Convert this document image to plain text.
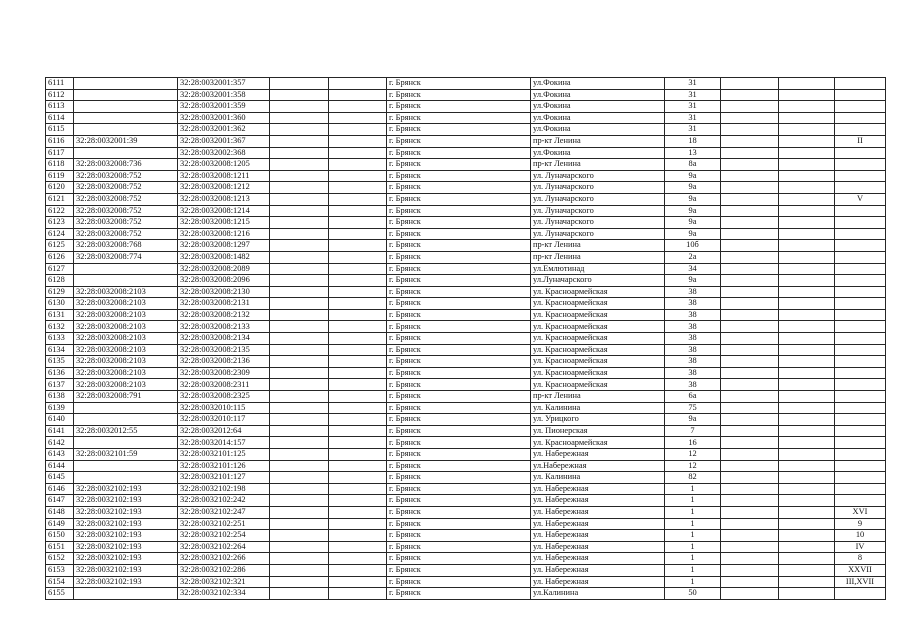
6111		32:28:0032001:357			г. Брянск	ул.Фокина	31			
6112		32:28:0032001:358			г. Брянск	ул.Фокина	31			
6113		32:28:0032001:359			г. Брянск	ул.Фокина	31			
6114		32:28:0032001:360			г. Брянск	ул.Фокина	31			
6115		32:28:0032001:362			г. Брянск	ул.Фокина	31			
6116	32:28:0032001:39	32:28:0032001:367			г. Брянск	пр-кт Ленина	18			II
6117		32:28:0032002:368			г. Брянск	ул.Фокина	13			
6118	32:28:0032008:736	32:28:0032008:1205			г. Брянск	пр-кт Ленина	8а			
6119	32:28:0032008:752	32:28:0032008:1211			г. Брянск	ул. Луначарского	9а			
6120	32:28:0032008:752	32:28:0032008:1212			г. Брянск	ул. Луначарского	9а			
6121	32:28:0032008:752	32:28:0032008:1213			г. Брянск	ул. Луначарского	9а			V
6122	32:28:0032008:752	32:28:0032008:1214			г. Брянск	ул. Луначарского	9а			
6123	32:28:0032008:752	32:28:0032008:1215			г. Брянск	ул. Луначарского	9а			
6124	32:28:0032008:752	32:28:0032008:1216			г. Брянск	ул. Луначарского	9а			
6125	32:28:0032008:768	32:28:0032008:1297			г. Брянск	пр-кт Ленина	10б			
6126	32:28:0032008:774	32:28:0032008:1482			г. Брянск	пр-кт Ленина	2а			
6127		32:28:0032008:2089			г. Брянск	ул.Емлютинад	34			
6128		32:28:0032008:2096			г. Брянск	ул.Луначарского	9а			
6129	32:28:0032008:2103	32:28:0032008:2130			г. Брянск	ул. Красноармейская	38			
6130	32:28:0032008:2103	32:28:0032008:2131			г. Брянск	ул. Красноармейская	38			
6131	32:28:0032008:2103	32:28:0032008:2132			г. Брянск	ул. Красноармейская	38			
6132	32:28:0032008:2103	32:28:0032008:2133			г. Брянск	ул. Красноармейская	38			
6133	32:28:0032008:2103	32:28:0032008:2134			г. Брянск	ул. Красноармейская	38			
6134	32:28:0032008:2103	32:28:0032008:2135			г. Брянск	ул. Красноармейская	38			
6135	32:28:0032008:2103	32:28:0032008:2136			г. Брянск	ул. Красноармейская	38			
6136	32:28:0032008:2103	32:28:0032008:2309			г. Брянск	ул. Красноармейская	38			
6137	32:28:0032008:2103	32:28:0032008:2311			г. Брянск	ул. Красноармейская	38			
6138	32:28:0032008:791	32:28:0032008:2325			г. Брянск	пр-кт Ленина	6а			
6139		32:28:0032010:115			г. Брянск	ул. Калинина	75			
6140		32:28:0032010:117			г. Брянск	ул. Урицкого	9а			
6141	32:28:0032012:55	32:28:0032012:64			г. Брянск	ул. Пионерская	7			
6142		32:28:0032014:157			г. Брянск	ул. Красноармейская	16			
6143	32:28:0032101:59	32:28:0032101:125			г. Брянск	ул. Набережная	12			
6144		32:28:0032101:126			г. Брянск	ул.Набережная	12			
6145		32:28:0032101:127			г. Брянск	ул. Калинина	82			
6146	32:28:0032102:193	32:28:0032102:198			г. Брянск	ул. Набережная	1			
6147	32:28:0032102:193	32:28:0032102:242			г. Брянск	ул. Набережная	1			
6148	32:28:0032102:193	32:28:0032102:247			г. Брянск	ул. Набережная	1			XVI
6149	32:28:0032102:193	32:28:0032102:251			г. Брянск	ул. Набережная	1			9
6150	32:28:0032102:193	32:28:0032102:254			г. Брянск	ул. Набережная	1			10
6151	32:28:0032102:193	32:28:0032102:264			г. Брянск	ул. Набережная	1			IV
6152	32:28:0032102:193	32:28:0032102:266			г. Брянск	ул. Набережная	1			8
6153	32:28:0032102:193	32:28:0032102:286			г. Брянск	ул. Набережная	1			XXVII
6154	32:28:0032102:193	32:28:0032102:321			г. Брянск	ул. Набережная	1			III,XVII
6155		32:28:0032102:334			г. Брянск	ул.Калинина	50			
